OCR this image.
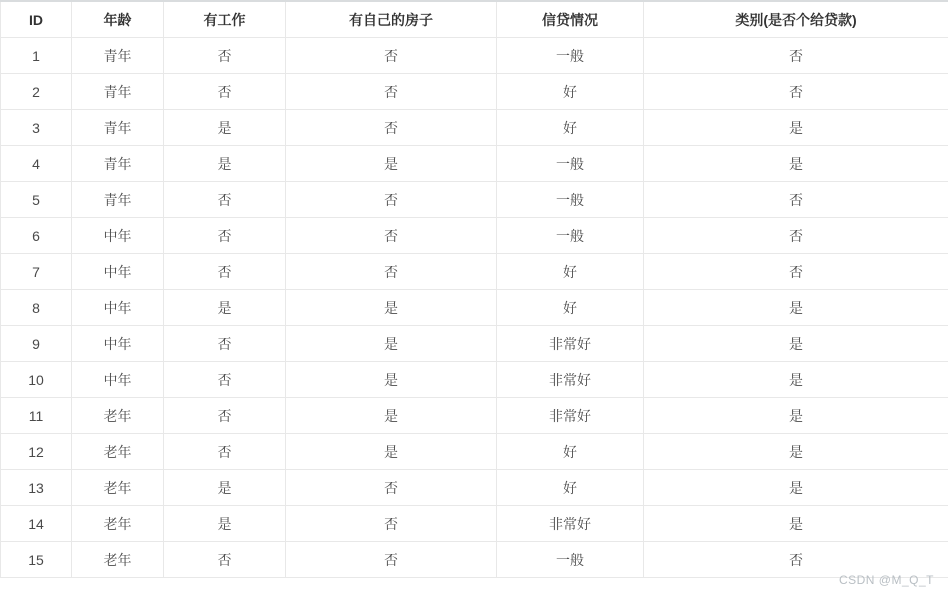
ID	年龄	有工作	有自己的房子	信贷情况	类别(是否个给贷款)
1	青年	否	否	一般	否
2	青年	否	否	好	否
3	青年	是	否	好	是
4	青年	是	是	一般	是
5	青年	否	否	一般	否
6	中年	否	否	一般	否
7	中年	否	否	好	否
8	中年	是	是	好	是
9	中年	否	是	非常好	是
10	中年	否	是	非常好	是
11	老年	否	是	非常好	是
12	老年	否	是	好	是
13	老年	是	否	好	是
14	老年	是	否	非常好	是
15	老年	否	否	一般	否
CSDN @M_Q_T
